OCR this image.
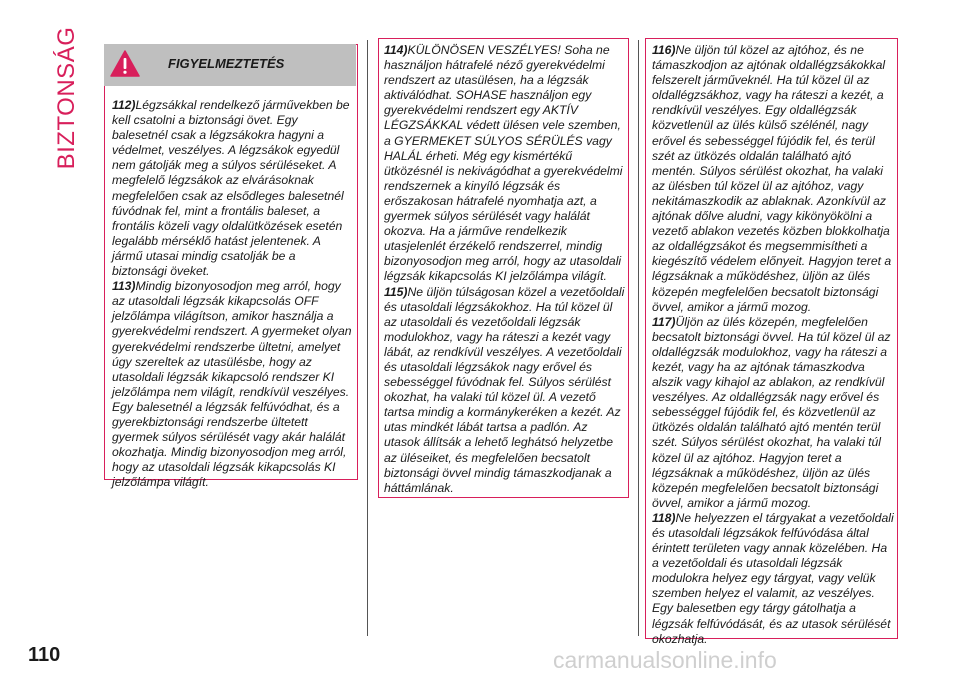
BIZTONSÁG	FIGYELMEZTETÉS

112)Légzsákkal rendelkező járművekben be kell csatolni a biztonsági övet. Egy balesetnél csak a légzsákokra hagyni a védelmet, veszélyes. A légzsákok egyedül nem gátolják meg a súlyos sérüléseket. A megfelelő légzsákok az elvárásoknak megfelelően csak az elsődleges balesetnél fúvódnak fel, mint a frontális baleset, a frontális közeli vagy oldalütközések esetén legalább mérséklő hatást jelentenek. A jármű utasai mindig csatolják be a biztonsági öveket.

113)Mindig bizonyosodjon meg arról, hogy az utasoldali légzsák kikapcsolás OFF jelzőlámpa világítson, amikor használja a gyerekvédelmi rendszert. A gyermeket olyan gyerekvédelmi rendszerbe ültetni, amelyet úgy szereltek az utasülésbe, hogy az utasoldali légzsák kikapcsoló rendszer KI jelzőlámpa nem világít, rendkívül veszélyes. Egy balesetnél a légzsák felfúvódhat, és a gyerekbiztonsági rendszerbe ültetett gyermek súlyos sérülését vagy akár halálát okozhatja. Mindig bizonyosodjon meg arról, hogy az utasoldali légzsák kikapcsolás KI jelzőlámpa világít.

114)KÜLÖNÖSEN VESZÉLYES! Soha ne használjon hátrafelé néző gyerekvédelmi rendszert az utasülésen, ha a légzsák aktiválódhat. SOHASE használjon egy gyerekvédelmi rendszert egy AKTÍV LÉGZSÁKKAL védett ülésen vele szemben, a GYERMEKET SÚLYOS SÉRÜLÉS vagy HALÁL érheti. Még egy kismértékű ütközésnél is nekivágódhat a gyerekvédelmi rendszernek a kinyíló légzsák és erőszakosan hátrafelé nyomhatja azt, a gyermek súlyos sérülését vagy halálát okozva. Ha a járműve rendelkezik utasjelenlét érzékelő rendszerrel, mindig bizonyosodjon meg arról, hogy az utasoldali légzsák kikapcsolás KI jelzőlámpa világít.

115)Ne üljön túlságosan közel a vezetőoldali és utasoldali légzsákokhoz. Ha túl közel ül az utasoldali és vezetőoldali légzsák modulokhoz, vagy ha ráteszi a kezét vagy lábát, az rendkívül veszélyes. A vezetőoldali és utasoldali légzsákok nagy erővel és sebességgel fúvódnak fel. Súlyos sérülést okozhat, ha valaki túl közel ül. A vezető tartsa mindig a kormánykeréken a kezét. Az utas mindkét lábát tartsa a padlón. Az utasok állítsák a lehető leghátsó helyzetbe az üléseiket, és megfelelően becsatolt biztonsági övvel mindig támaszkodjanak a háttámlának.

116)Ne üljön túl közel az ajtóhoz, és ne támaszkodjon az ajtónak oldallégzsákokkal felszerelt járműveknél. Ha túl közel ül az oldallégzsákhoz, vagy ha ráteszi a kezét, a rendkívül veszélyes. Egy oldallégzsák közvetlenül az ülés külső szélénél, nagy erővel és sebességgel fújódik fel, és terül szét az ütközés oldalán található ajtó mentén. Súlyos sérülést okozhat, ha valaki az ülésben túl közel ül az ajtóhoz, vagy nekitámaszkodik az ablaknak. Azonkívül az ajtónak dőlve aludni, vagy kikönyökölni a vezető ablakon vezetés közben blokkolhatja az oldallégzsákot és megsemmisítheti a kiegészítő védelem előnyeit. Hagyjon teret a légzsáknak a működéshez, üljön az ülés közepén megfelelően becsatolt biztonsági övvel, amikor a jármű mozog.

117)Üljön az ülés közepén, megfelelően becsatolt biztonsági övvel. Ha túl közel ül az oldallégzsák modulokhoz, vagy ha ráteszi a kezét, vagy ha az ajtónak támaszkodva alszik vagy kihajol az ablakon, az rendkívül veszélyes. Az oldallégzsák nagy erővel és sebességgel fújódik fel, és közvetlenül az ütközés oldalán található ajtó mentén terül szét. Súlyos sérülést okozhat, ha valaki túl közel ül az ajtóhoz. Hagyjon teret a légzsáknak a működéshez, üljön az ülés közepén megfelelően becsatolt biztonsági övvel, amikor a jármű mozog.

118)Ne helyezzen el tárgyakat a vezetőoldali és utasoldali légzsákok felfúvódása által érintett területen vagy annak közelében. Ha a vezetőoldali és utasoldali légzsák modulokra helyez egy tárgyat, vagy velük szemben helyez el valamit, az veszélyes. Egy balesetben egy tárgy gátolhatja a légzsák felfúvódását, és az utasok sérülését okozhatja.

110	carmanualsonline.info
